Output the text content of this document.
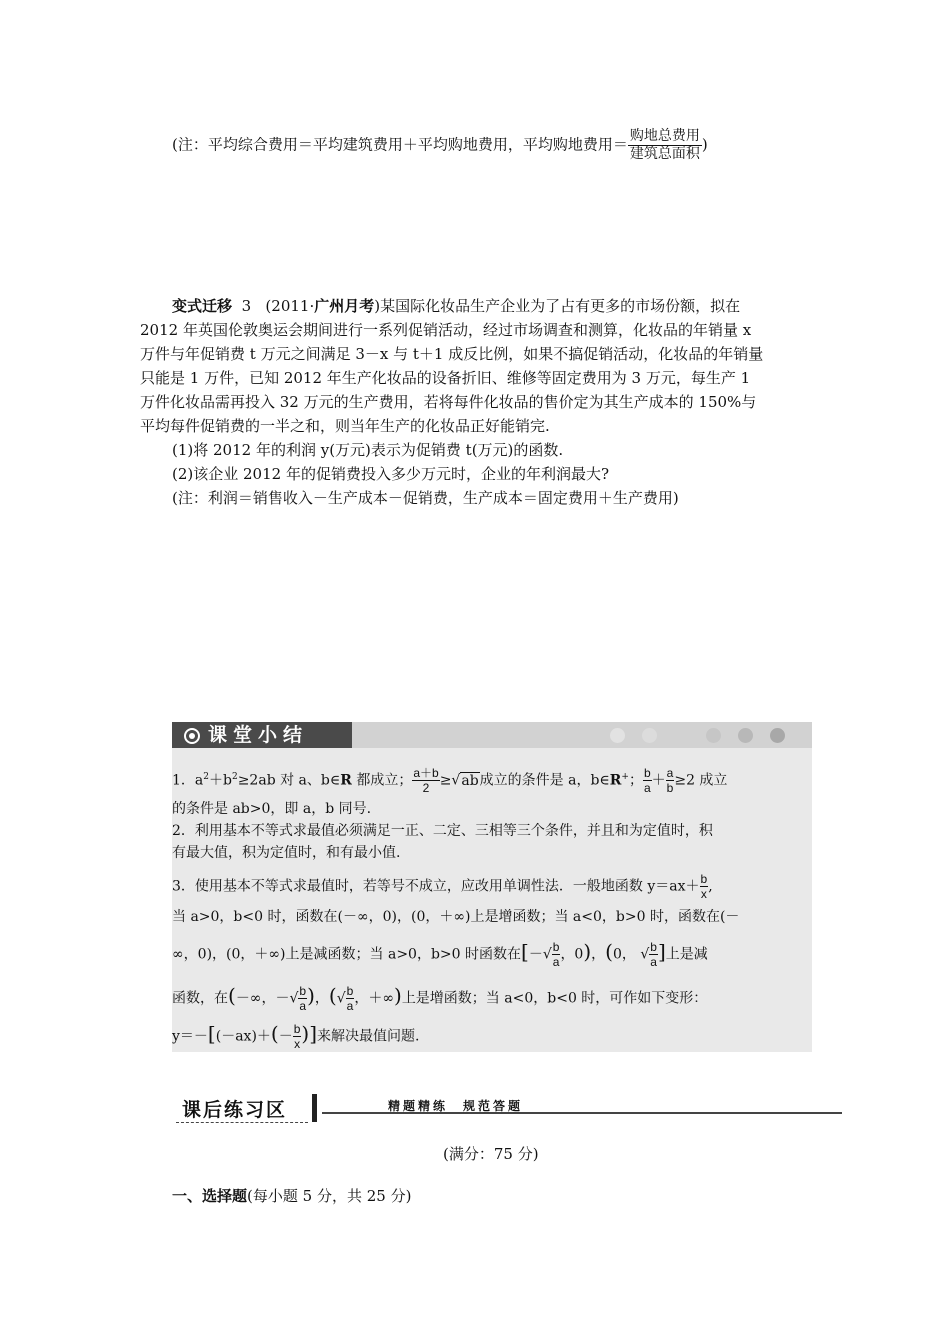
(注：平均综合费用＝平均建筑费用＋平均购地费用，平均购地费用＝ $\frac{\text{购地总费用}}{\text{建筑总面积}}$ )
变式迁移 3 (2011·广州月考)某国际化妆品生产企业为了占有更多的市场份额，拟在
2012 年英国伦敦奥运会期间进行一系列促销活动，经过市场调查和测算，化妆品的年销量 x
万件与年促销费 t 万元之间满足 3－x 与 t＋1 成反比例，如果不搞促销活动，化妆品的年销量
只能是 1 万件，已知 2012 年生产化妆品的设备折旧、维修等固定费用为 3 万元，每生产 1
万件化妆品需再投入 32 万元的生产费用，若将每件化妆品的售价定为其生产成本的 150%与
平均每件促销费的一半之和，则当年生产的化妆品正好能销完.
(1)将 2012 年的利润 y(万元)表示为促销费 t(万元)的函数.
(2)该企业 2012 年的促销费投入多少万元时，企业的年利润最大?
(注：利润＝销售收入－生产成本－促销费，生产成本＝固定费用＋生产费用)
课堂小结
1．$a^2+b^2\ge 2ab$ 对 a、b∈R 都成立； $\frac{a+b}{2} \ge√ab$成立的条件是 a，b∈R+； $\frac{b}{a} + \frac{a}{b} \ge 2$ 成立
的条件是 ab>0，即 a，b 同号.
2．利用基本不等式求最值必须满足一正、二定、三相等三个条件，并且和为定值时，积
有最大值，积为定值时，和有最小值.
3．使用基本不等式求最值时，若等号不成立，应改用单调性法．一般地函数 $y=ax+ \frac{b}{x}$ ,
当 a>0，b<0 时，函数在(－∞，0)，(0，＋∞)上是增函数；当 a<0，b>0 时，函数在(－
∞，0)，(0，＋∞)上是减函数；当 a>0，b>0 时函数在[－√ $\frac{b}{a}$ ，0)，(0， √ $\frac{b}{a}$ ]上是减
函数，在(－∞，－√ $\frac{b}{a}$ )，(√ $\frac{b}{a}$ ，＋∞)上是增函数；当 a<0，b<0 时，可作如下变形：
$y=-[(-ax)+(- \frac{b}{x}$ )]来解决最值问题.
课后练习区	精题精练　规范答题
(满分：75 分)
一、选择题(每小题 5 分，共 25 分)
